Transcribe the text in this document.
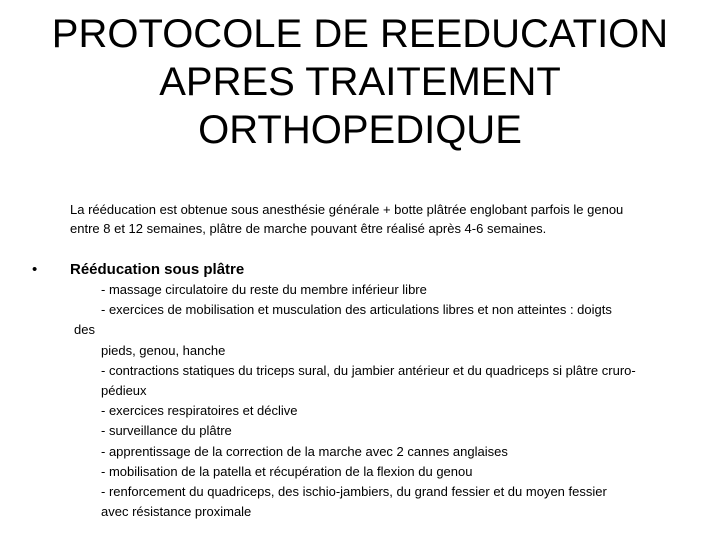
PROTOCOLE DE REEDUCATION
APRES TRAITEMENT
ORTHOPEDIQUE
La rééducation est obtenue sous anesthésie générale + botte plâtrée englobant parfois le genou
entre 8 et 12 semaines, plâtre de marche pouvant être réalisé après 4-6 semaines.
• Rééducation sous plâtre
- massage circulatoire du reste du membre inférieur libre
- exercices de mobilisation et musculation des articulations libres et non atteintes : doigts
des
pieds, genou, hanche
- contractions statiques du triceps sural, du jambier antérieur et du quadriceps si plâtre cruro-
pédieux
- exercices respiratoires et déclive
- surveillance du plâtre
- apprentissage de la correction de la marche avec 2 cannes anglaises
- mobilisation de la patella et récupération de la flexion du genou
- renforcement du quadriceps, des ischio-jambiers, du grand fessier et du moyen fessier
avec résistance proximale
